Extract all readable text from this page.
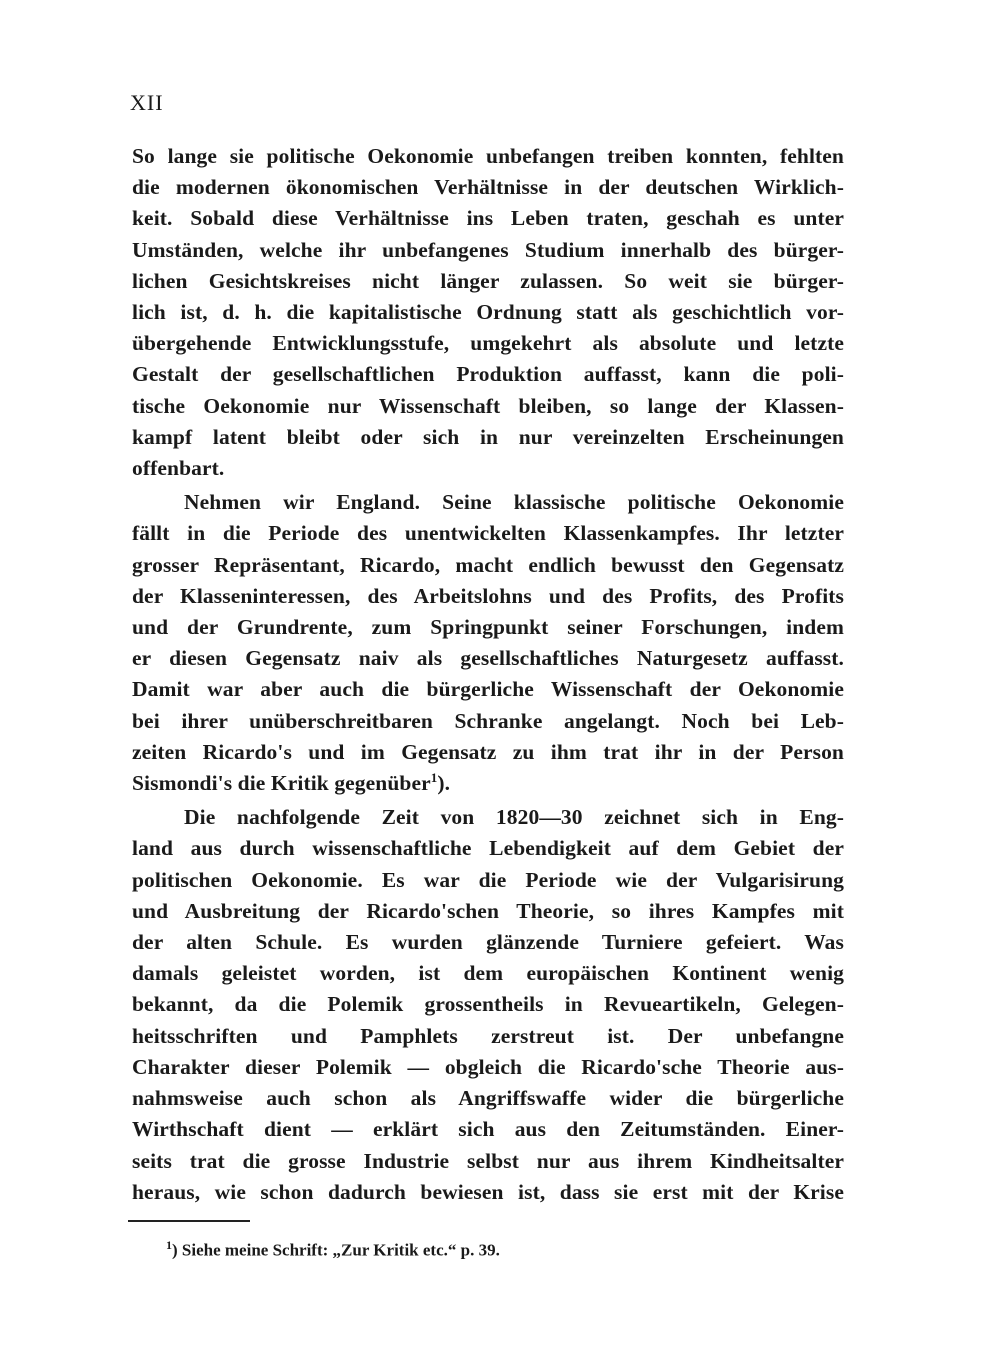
XII

So lange sie politische Oekonomie unbefangen treiben konnten, fehlten
die modernen ökonomischen Verhältnisse in der deutschen Wirklich-
keit. Sobald diese Verhältnisse ins Leben traten, geschah es unter
Umständen, welche ihr unbefangenes Studium innerhalb des bürger-
lichen Gesichtskreises nicht länger zulassen. So weit sie bürger-
lich ist, d. h. die kapitalistische Ordnung statt als geschichtlich vor-
übergehende Entwicklungsstufe, umgekehrt als absolute und letzte
Gestalt der gesellschaftlichen Produktion auffasst, kann die poli-
tische Oekonomie nur Wissenschaft bleiben, so lange der Klassen-
kampf latent bleibt oder sich in nur vereinzelten Erscheinungen
offenbart.

Nehmen wir England. Seine klassische politische Oekonomie
fällt in die Periode des unentwickelten Klassenkampfes. Ihr letzter
grosser Repräsentant, Ricardo, macht endlich bewusst den Gegensatz
der Klasseninteressen, des Arbeitslohns und des Profits, des Profits
und der Grundrente, zum Springpunkt seiner Forschungen, indem
er diesen Gegensatz naiv als gesellschaftliches Naturgesetz auffasst.
Damit war aber auch die bürgerliche Wissenschaft der Oekonomie
bei ihrer unüberschreitbaren Schranke angelangt. Noch bei Leb-
zeiten Ricardo's und im Gegensatz zu ihm trat ihr in der Person
Sismondi's die Kritik gegenüber$^1$).

Die nachfolgende Zeit von 1820—30 zeichnet sich in Eng-
land aus durch wissenschaftliche Lebendigkeit auf dem Gebiet der
politischen Oekonomie. Es war die Periode wie der Vulgarisirung
und Ausbreitung der Ricardo'schen Theorie, so ihres Kampfes mit
der alten Schule. Es wurden glänzende Turniere gefeiert. Was
damals geleistet worden, ist dem europäischen Kontinent wenig
bekannt, da die Polemik grossentheils in Revueartikeln, Gelegen-
heitsschriften und Pamphlets zerstreut ist. Der unbefangne
Charakter dieser Polemik — obgleich die Ricardo'sche Theorie aus-
nahmsweise auch schon als Angriffswaffe wider die bürgerliche
Wirthschaft dient — erklärt sich aus den Zeitumständen. Einer-
seits trat die grosse Industrie selbst nur aus ihrem Kindheitsalter
heraus, wie schon dadurch bewiesen ist, dass sie erst mit der Krise

$^1$) Siehe meine Schrift: „Zur Kritik etc.“ p. 39.
